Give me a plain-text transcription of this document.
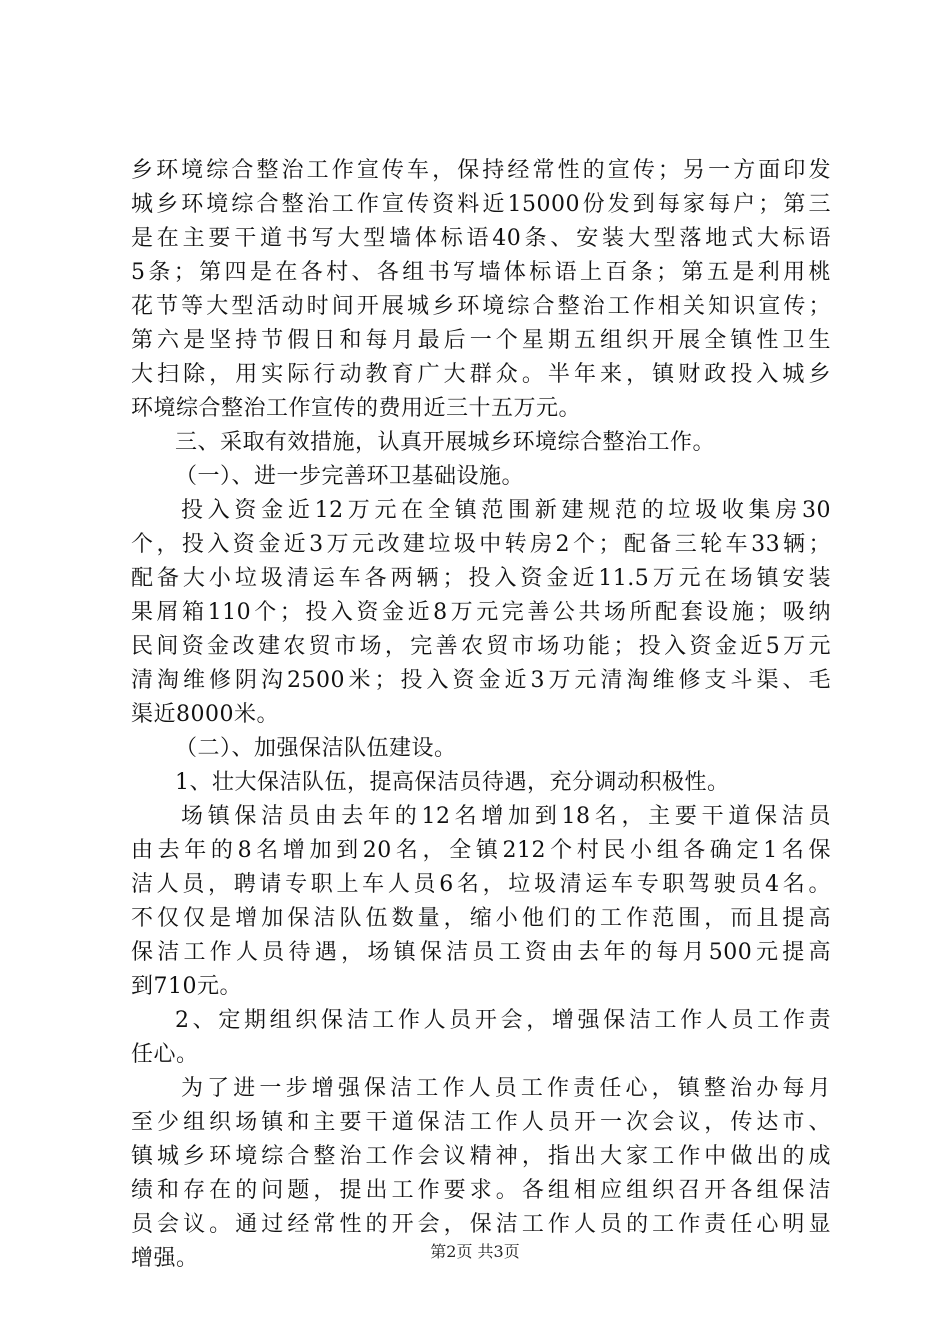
乡环境综合整治工作宣传车，保持经常性的宣传；另一方面印发
城乡环境综合整治工作宣传资料近15000份发到每家每户；第三
是在主要干道书写大型墙体标语40条、安装大型落地式大标语
5条；第四是在各村、各组书写墙体标语上百条；第五是利用桃
花节等大型活动时间开展城乡环境综合整治工作相关知识宣传；
第六是坚持节假日和每月最后一个星期五组织开展全镇性卫生
大扫除，用实际行动教育广大群众。半年来，镇财政投入城乡
环境综合整治工作宣传的费用近三十五万元。
三、采取有效措施，认真开展城乡环境综合整治工作。
（一）、进一步完善环卫基础设施。
投入资金近12万元在全镇范围新建规范的垃圾收集房30
个，投入资金近3万元改建垃圾中转房2个；配备三轮车33辆；
配备大小垃圾清运车各两辆；投入资金近11.5万元在场镇安装
果屑箱110个；投入资金近8万元完善公共场所配套设施；吸纳
民间资金改建农贸市场，完善农贸市场功能；投入资金近5万元
清淘维修阴沟2500米；投入资金近3万元清淘维修支斗渠、毛
渠近8000米。
（二）、加强保洁队伍建设。
1、壮大保洁队伍，提高保洁员待遇，充分调动积极性。
场镇保洁员由去年的12名增加到18名，主要干道保洁员
由去年的8名增加到20名，全镇212个村民小组各确定1名保
洁人员，聘请专职上车人员6名，垃圾清运车专职驾驶员4名。
不仅仅是增加保洁队伍数量，缩小他们的工作范围，而且提高
保洁工作人员待遇，场镇保洁员工资由去年的每月500元提高
到710元。
2、定期组织保洁工作人员开会，增强保洁工作人员工作责
任心。
为了进一步增强保洁工作人员工作责任心，镇整治办每月
至少组织场镇和主要干道保洁工作人员开一次会议，传达市、
镇城乡环境综合整治工作会议精神，指出大家工作中做出的成
绩和存在的问题，提出工作要求。各组相应组织召开各组保洁
员会议。通过经常性的开会，保洁工作人员的工作责任心明显
增强。	第2页 共3页
